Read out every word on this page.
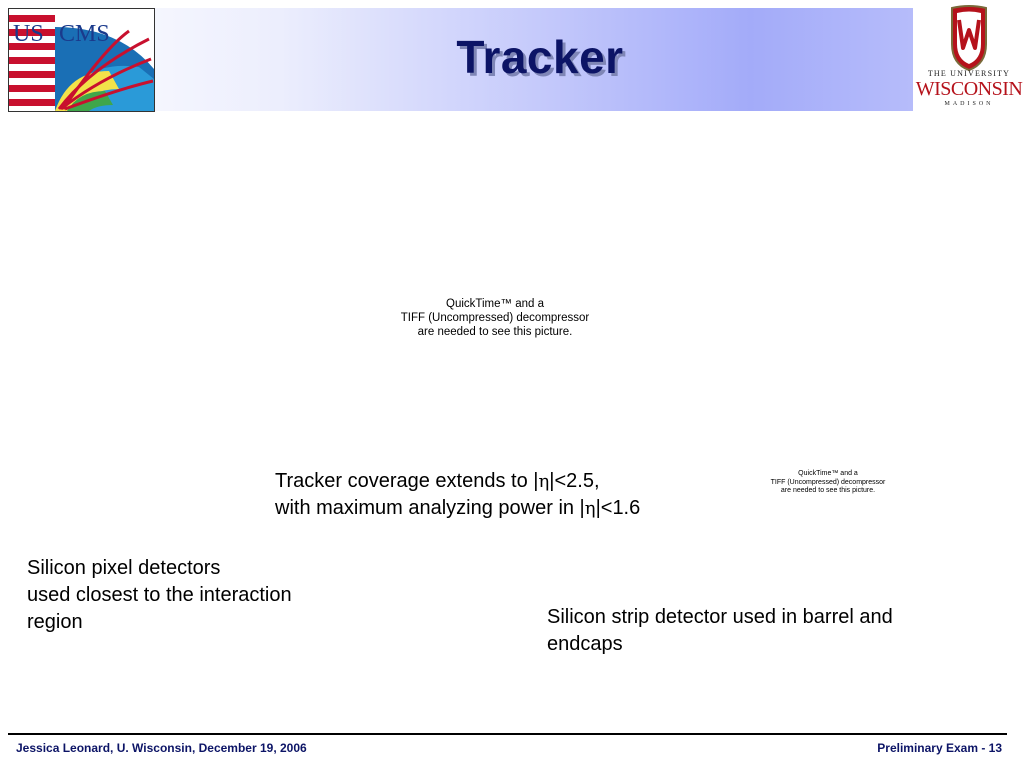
US CMS	Tracker	THE UNIVERSITY
WISCONSIN
MADISON
QuickTime™ and a
TIFF (Uncompressed) decompressor
are needed to see this picture.
QuickTime™ and a
TIFF (Uncompressed) decompressor
are needed to see this picture.
Tracker coverage extends to |η|<2.5,
with maximum analyzing power in |η|<1.6
Silicon pixel detectors
used closest to the interaction
region	Silicon strip detector used in barrel and
endcaps
Jessica Leonard, U. Wisconsin, December 19, 2006	Preliminary Exam - 13
